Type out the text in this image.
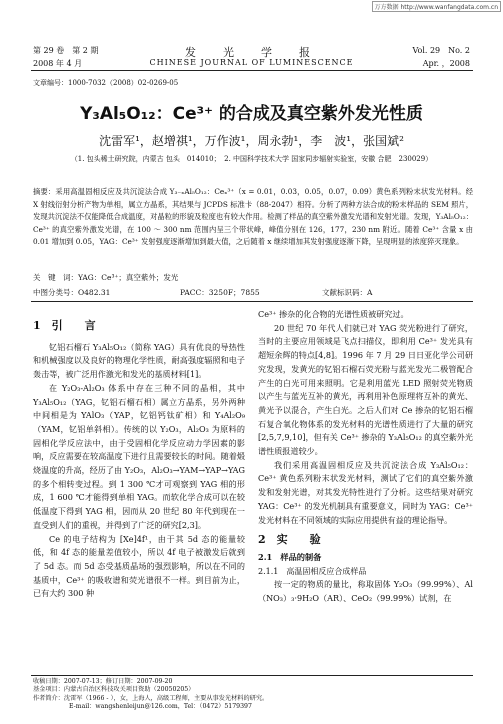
万方数据 http://www.wanfangdata.com.cn
第 29 卷　第 2 期	发　光　学　报	Vol. 29　No. 2
2008 年 4 月	CHINESE JOURNAL OF LUMINESCENCE	Apr. ，2008
文章编号：1000-7032（2008）02-0269-05
Y₃Al₅O₁₂：Ce³⁺ 的合成及真空紫外发光性质
沈雷军¹，赵增祺¹，万作波¹，周永勃¹，李　波¹，张国斌²
（1. 包头稀土研究院，内蒙古 包头　014010；　2. 中国科学技术大学 国家同步辐射实验室，安徽 合肥　230029）
摘要：采用高温固相反应及共沉淀法合成 Y₃₋ₓAl₅O₁₂：Ceₓ³⁺（x = 0.01，0.03，0.05，0.07，0.09）黄色系列粉末状发光材料。经 X 射线衍射分析产物为单相，属立方晶系，其结果与 JCPDS 标准卡（88-2047）相符。分析了两种方法合成的粉末样品的 SEM 照片，发现共沉淀法不仅能降低合成温度，对晶粒的形貌及粒度也有较大作用。检测了样品的真空紫外激发光谱和发射光谱。发现，Y₃Al₅O₁₂：Ce³⁺ 的真空紫外激发光谱，在 100 ～ 300 nm 范围内呈三个带状峰，峰值分别在 126，177，230 nm 附近。随着 Ce³⁺ 含量 x 由 0.01 增加到 0.05，YAG：Ce³⁺ 发射强度逐渐增加到最大值，之后随着 x 继续增加其发射强度逐渐下降，呈现明显的浓度猝灭现象。
关　键　词：YAG：Ce³⁺；真空紫外；发光
中图分类号：O482.31	PACC：3250F；7855	文献标识码：A
1　引　　言
钇铝石榴石 Y₃Al₅O₁₂（简称 YAG）具有优良的导热性和机械强度以及良好的物理化学性质，耐高强度辐照和电子轰击等，被广泛用作激光和发光的基质材料[1]。
在 Y₂O₃-Al₂O₃ 体系中存在三种不同的晶相，其中 Y₃Al₅O₁₂（YAG，钇铝石榴石相）属立方晶系，另外两种中间相是为 YAlO₃（YAP，钇铝钙钛矿相）和 Y₄Al₂O₉（YAM，钇铝单斜相）。传统的以 Y₂O₃，Al₂O₃ 为原料的固相化学反应法中，由于受固相化学反应动力学因素的影响，反应需要在较高温度下进行且需要较长的时间。随着煅烧温度的升高，经历了由 Y₂O₃，Al₂O₃→YAM→YAP→YAG 的多个相转变过程。到 1 300 ℃才可观察到 YAG 相的形成，1 600 ℃才能得到单相 YAG。而软化学合成可以在较低温度下得到 YAG 相，因而从 20 世纪 80 年代到现在一直受到人们的重视，并得到了广泛的研究[2,3]。
Ce 的电子结构为 [Xe]4f¹，由于其 5d 态的能量较低，和 4f 态的能量差值较小，所以 4f 电子被激发后就到了 5d 态。而 5d 态受基质晶场的强烈影响，所以在不同的基质中，Ce³⁺ 的吸收谱和荧光谱很不一样。到目前为止，已有大约 300 种
Ce³⁺ 掺杂的化合物的光谱性质被研究过。
20 世纪 70 年代人们就已对 YAG 荧光粉进行了研究，当时的主要应用领域是飞点扫描仪，即利用 Ce³⁺ 发光具有超短余辉的特点[4,8]。1996 年 7 月 29 日日亚化学公司研究发现，发黄光的钇铝石榴石荧光粉与蓝光发光二极管配合产生的白光可用来照明。它是利用蓝光 LED 照射荧光物质以产生与蓝光互补的黄光，再利用补色原理将互补的黄光、黄光予以混合，产生白光。之后人们对 Ce 掺杂的钇铝石榴石复合氧化物体系的发光材料的光谱性质进行了大量的研究[2,5,7,9,10]，但有关 Ce³⁺ 掺杂的 Y₃Al₅O₁₂ 的真空紫外光谱性质报道较少。
我们采用高温固相反应及共沉淀法合成 Y₃Al₅O₁₂：Ce³⁺ 黄色系列粉末状发光材料，测试了它们的真空紫外激发和发射光谱，对其发光特性进行了分析。这些结果对研究 YAG：Ce³⁺ 的发光机制具有重要意义，同时为 YAG：Ce³⁺ 发光材料在不同领域的实际应用提供有益的理论指导。
2　实　　验
2.1　样品的制备
2.1.1　高温固相反应合成样品
按一定的物质的量比，称取固体 Y₂O₃（99.99%）、Al（NO₃）₃·9H₂O（AR）、CeO₂（99.99%）试剂，在
收稿日期：2007-07-13；修订日期：2007-09-20
基金项目：内蒙古自治区科技攻关项目资助（20050205）
作者简介：沈雷军（1966 - ），女，上海人，高级工程师，主要从事发光材料的研究。
E-mail：wangshenleijun@126.com，Tel：（0472）5179397
